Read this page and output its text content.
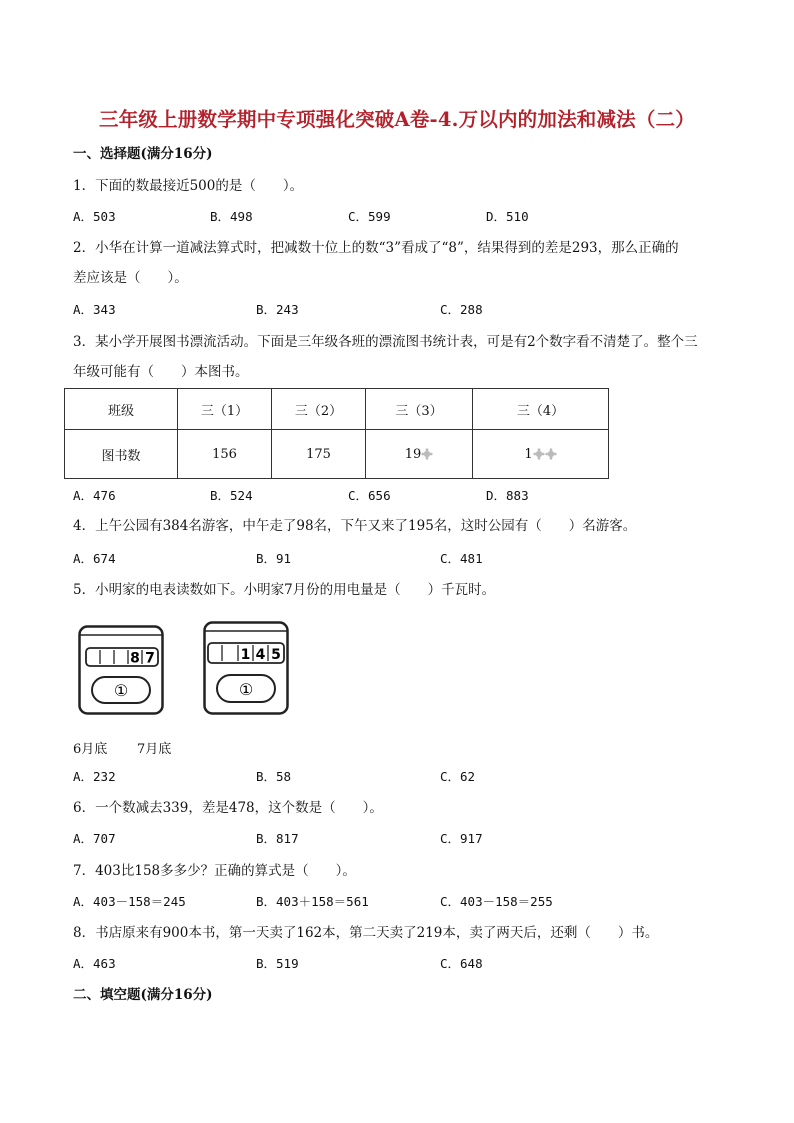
三年级上册数学期中专项强化突破A卷-4.万以内的加法和减法（二）
一、选择题(满分16分)
1．下面的数最接近500的是（　　）。
A．503	B．498	C．599	D．510
2．小华在计算一道减法算式时，把减数十位上的数“3”看成了“8”，结果得到的差是293，那么正确的
差应该是（　　）。
A．343	B．243	C．288
3．某小学开展图书漂流活动。下面是三年级各班的漂流图书统计表，可是有2个数字看不清楚了。整个三
年级可能有（　　）本图书。
班级	三（1）	三（2）	三（3）	三（4）
图书数	156	175	19	1
A．476	B．524	C．656	D．883
4．上午公园有384名游客，中午走了98名，下午又来了195名，这时公园有（　　）名游客。
A．674	B．91	C．481
5．小明家的电表读数如下。小明家7月份的用电量是（　　）千瓦时。
8 7
①
1 4 5
①
6月底 7月底
A．232	B．58	C．62
6．一个数减去339，差是478，这个数是（　　）。
A．707	B．817	C．917
7．403比158多多少？正确的算式是（　　）。
A．403－158＝245	B．403＋158＝561	C．403－158＝255
8．书店原来有900本书，第一天卖了162本，第二天卖了219本，卖了两天后，还剩（　　）书。
A．463	B．519	C．648
二、填空题(满分16分)
